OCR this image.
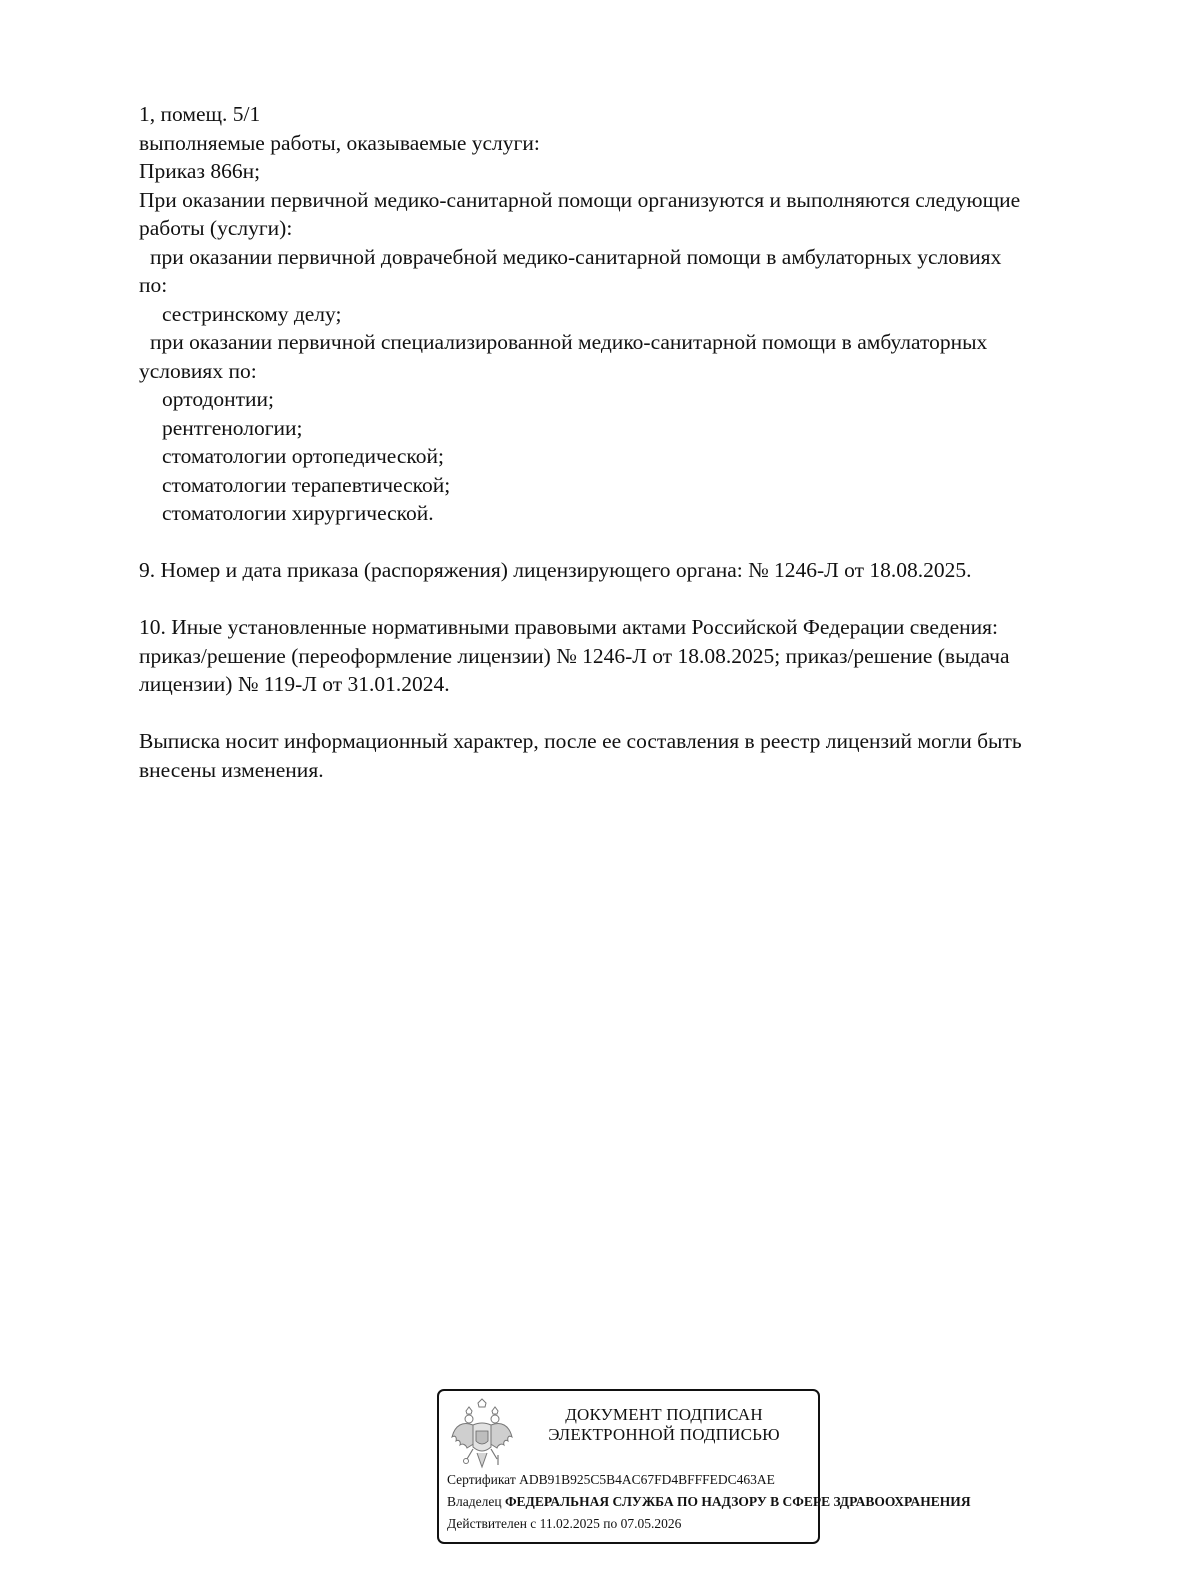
1, помещ. 5/1
выполняемые работы, оказываемые услуги:
Приказ 866н;
При оказании первичной медико-санитарной помощи организуются и выполняются следующие
работы (услуги):
при оказании первичной доврачебной медико-санитарной помощи в амбулаторных условиях
по:
сестринскому делу;
при оказании первичной специализированной медико-санитарной помощи в амбулаторных
условиях по:
ортодонтии;
рентгенологии;
стоматологии ортопедической;
стоматологии терапевтической;
стоматологии хирургической.
9. Номер и дата приказа (распоряжения) лицензирующего органа: № 1246-Л от 18.08.2025.
10. Иные установленные нормативными правовыми актами Российской Федерации сведения:
приказ/решение (переоформление лицензии) № 1246-Л от 18.08.2025; приказ/решение (выдача
лицензии) № 119-Л от 31.01.2024.
Выписка носит информационный характер, после ее составления в реестр лицензий могли быть
внесены изменения.
ДОКУМЕНТ ПОДПИСАН
ЭЛЕКТРОННОЙ ПОДПИСЬЮ
Сертификат ADB91B925C5B4AC67FD4BFFFEDC463AE
Владелец ФЕДЕРАЛЬНАЯ СЛУЖБА ПО НАДЗОРУ В СФЕРЕ ЗДРАВООХРАНЕНИЯ
Действителен с 11.02.2025 по 07.05.2026
